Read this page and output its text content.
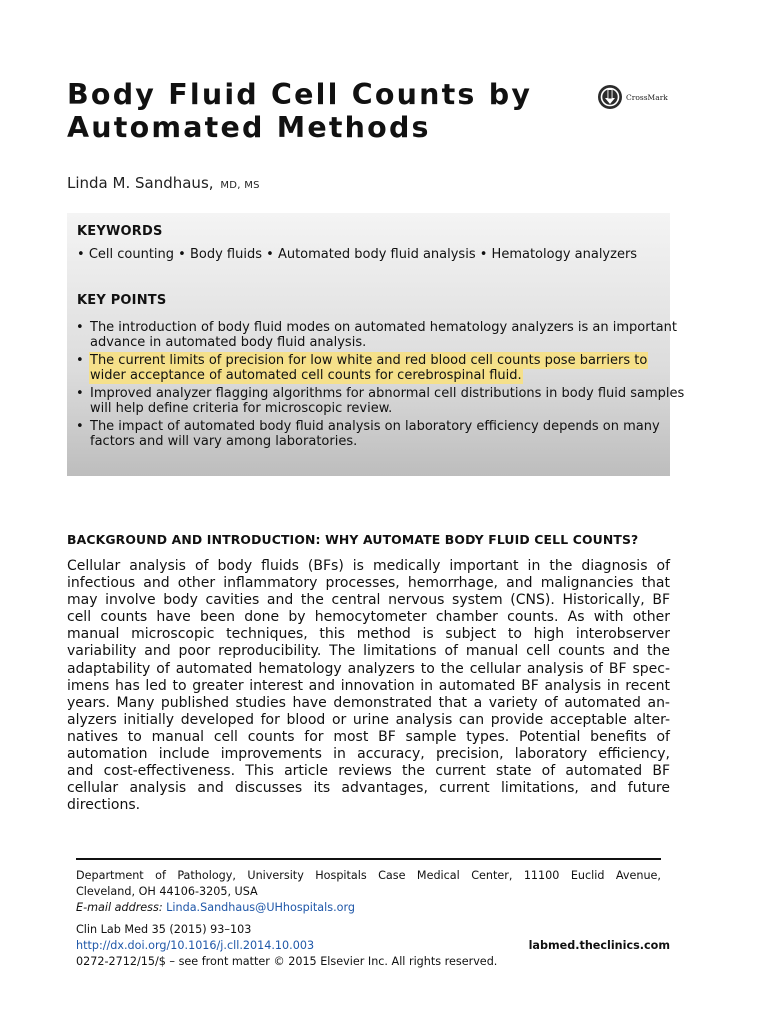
Body Fluid Cell Counts by
Automated Methods
CrossMark
Linda M. Sandhaus, MD, MS
KEYWORDS
• Cell counting • Body fluids • Automated body fluid analysis • Hematology analyzers
KEY POINTS
• The introduction of body fluid modes on automated hematology analyzers is an important
advance in automated body fluid analysis.
• The current limits of precision for low white and red blood cell counts pose barriers to
wider acceptance of automated cell counts for cerebrospinal fluid.
• Improved analyzer flagging algorithms for abnormal cell distributions in body fluid samples
will help define criteria for microscopic review.
• The impact of automated body fluid analysis on laboratory efficiency depends on many
factors and will vary among laboratories.
BACKGROUND AND INTRODUCTION: WHY AUTOMATE BODY FLUID CELL COUNTS?
Cellular analysis of body fluids (BFs) is medically important in the diagnosis of
infectious and other inflammatory processes, hemorrhage, and malignancies that
may involve body cavities and the central nervous system (CNS). Historically, BF
cell counts have been done by hemocytometer chamber counts. As with other
manual microscopic techniques, this method is subject to high interobserver
variability and poor reproducibility. The limitations of manual cell counts and the
adaptability of automated hematology analyzers to the cellular analysis of BF spec-
imens has led to greater interest and innovation in automated BF analysis in recent
years. Many published studies have demonstrated that a variety of automated an-
alyzers initially developed for blood or urine analysis can provide acceptable alter-
natives to manual cell counts for most BF sample types. Potential benefits of
automation include improvements in accuracy, precision, laboratory efficiency,
and cost-effectiveness. This article reviews the current state of automated BF
cellular analysis and discusses its advantages, current limitations, and future
directions.
Department of Pathology, University Hospitals Case Medical Center, 11100 Euclid Avenue,
Cleveland, OH 44106-3205, USA
E-mail address: Linda.Sandhaus@UHhospitals.org
Clin Lab Med 35 (2015) 93–103
http://dx.doi.org/10.1016/j.cll.2014.10.003	labmed.theclinics.com
0272-2712/15/$ – see front matter © 2015 Elsevier Inc. All rights reserved.
